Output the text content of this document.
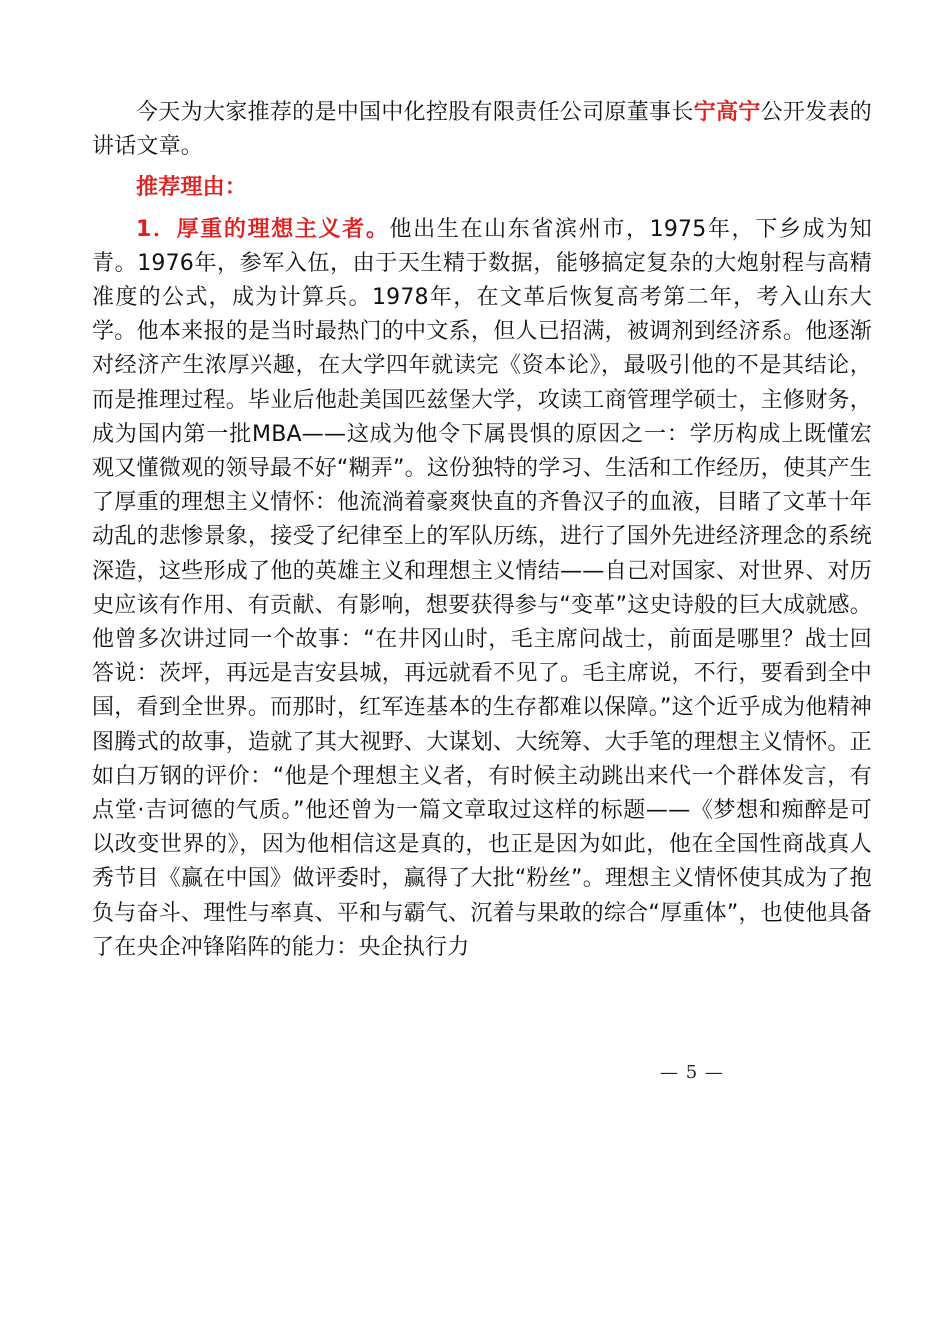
今天为大家推荐的是中国中化控股有限责任公司原董事长宁高宁公开发表的讲话文章。

推荐理由：

1．厚重的理想主义者。他出生在山东省滨州市，1975年，下乡成为知青。1976年，参军入伍，由于天生精于数据，能够搞定复杂的大炮射程与高精准度的公式，成为计算兵。1978年，在文革后恢复高考第二年，考入山东大学。他本来报的是当时最热门的中文系，但人已招满，被调剂到经济系。他逐渐对经济产生浓厚兴趣，在大学四年就读完《资本论》，最吸引他的不是其结论，而是推理过程。毕业后他赴美国匹兹堡大学，攻读工商管理学硕士，主修财务，成为国内第一批MBA——这成为他令下属畏惧的原因之一：学历构成上既懂宏观又懂微观的领导最不好“糊弄”。这份独特的学习、生活和工作经历，使其产生了厚重的理想主义情怀：他流淌着豪爽快直的齐鲁汉子的血液，目睹了文革十年动乱的悲惨景象，接受了纪律至上的军队历练，进行了国外先进经济理念的系统深造，这些形成了他的英雄主义和理想主义情结——自己对国家、对世界、对历史应该有作用、有贡献、有影响，想要获得参与“变革”这史诗般的巨大成就感。他曾多次讲过同一个故事：“在井冈山时，毛主席问战士，前面是哪里？战士回答说：茨坪，再远是吉安县城，再远就看不见了。毛主席说，不行，要看到全中国，看到全世界。而那时，红军连基本的生存都难以保障。”这个近乎成为他精神图腾式的故事，造就了其大视野、大谋划、大统筹、大手笔的理想主义情怀。正如白万钢的评价：“他是个理想主义者，有时候主动跳出来代一个群体发言，有点堂·吉诃德的气质。”他还曾为一篇文章取过这样的标题——《梦想和痴醉是可以改变世界的》，因为他相信这是真的，也正是因为如此，他在全国性商战真人秀节目《赢在中国》做评委时，赢得了大批“粉丝”。理想主义情怀使其成为了抱负与奋斗、理性与率真、平和与霸气、沉着与果敢的综合“厚重体”，也使他具备了在央企冲锋陷阵的能力：央企执行力

— 5 —
